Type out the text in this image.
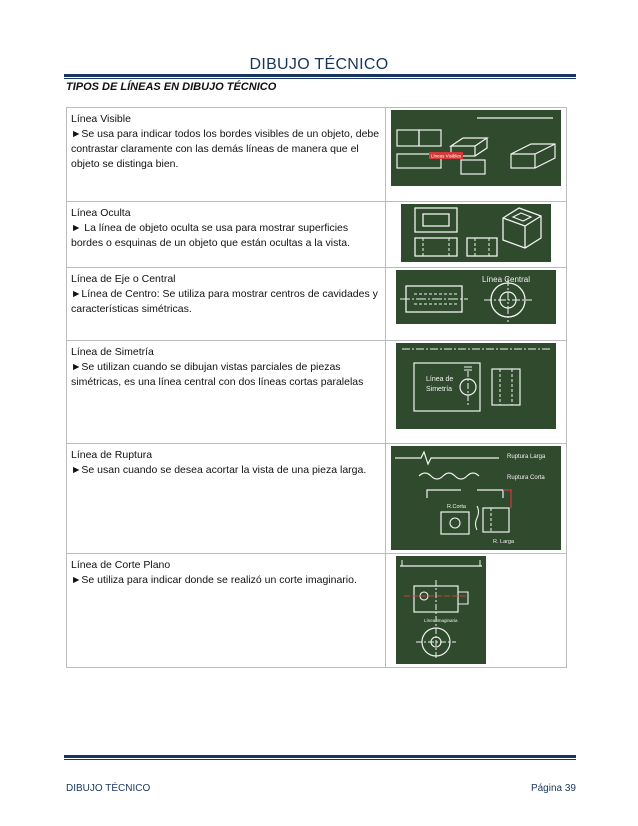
DIBUJO TÉCNICO
TIPOS DE LÍNEAS EN DIBUJO TÉCNICO
Línea Visible
►Se usa para indicar todos los bordes visibles de un objeto, debe contrastar claramente con las demás líneas de manera que el objeto se distinga bien.	Líneas Visibles

Línea Oculta
► La línea de objeto oculta se usa para mostrar superficies bordes o esquinas de un objeto que están ocultas a la vista.

Línea de Eje o Central
►Línea de Centro: Se utiliza para mostrar centros de cavidades y características simétricas.	Línea Central

Línea de Simetría
►Se utilizan cuando se dibujan vistas parciales de piezas simétricas, es una línea central con dos líneas cortas paralelas	Línea de
Simetría

Línea de Ruptura
►Se usan cuando se desea acortar la vista de una pieza larga.	Ruptura Larga
Ruptura Corta
R.Corta
R. Larga

Línea de Corte Plano
►Se utiliza para indicar donde se realizó un corte imaginario.	Línea Imaginaria
DIBUJO TÉCNICO	Página 39
